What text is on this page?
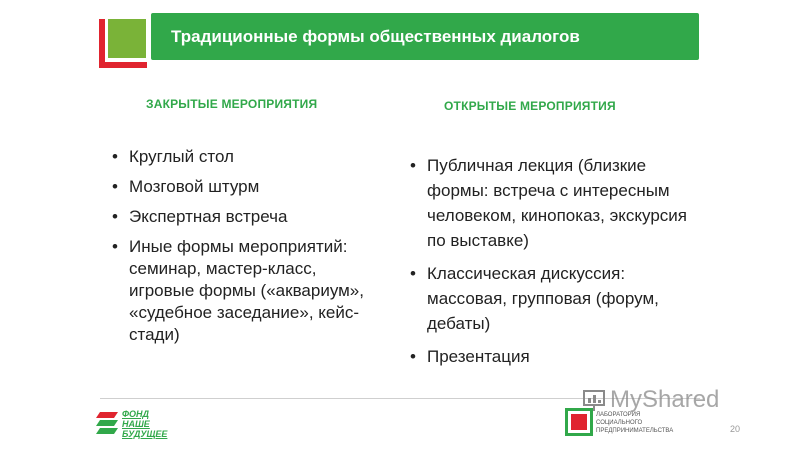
Традиционные формы общественных диалогов
ЗАКРЫТЫЕ МЕРОПРИЯТИЯ	ОТКРЫТЫЕ МЕРОПРИЯТИЯ
• Круглый стол
• Мозговой штурм
• Экспертная встреча
• Иные формы мероприятий: семинар, мастер-класс, игровые формы («аквариум», «судебное заседание», кейс-стади)
• Публичная лекция (близкие формы: встреча с интересным человеком, кинопоказ, экскурсия по выставке)
• Классическая дискуссия: массовая, групповая (форум, дебаты)
• Презентация
ФОНД
НАШЕ
БУДУЩЕЕ
ЛАБОРАТОРИЯ
СОЦИАЛЬНОГО
ПРЕДПРИНИМАТЕЛЬСТВА	20
MyShared
